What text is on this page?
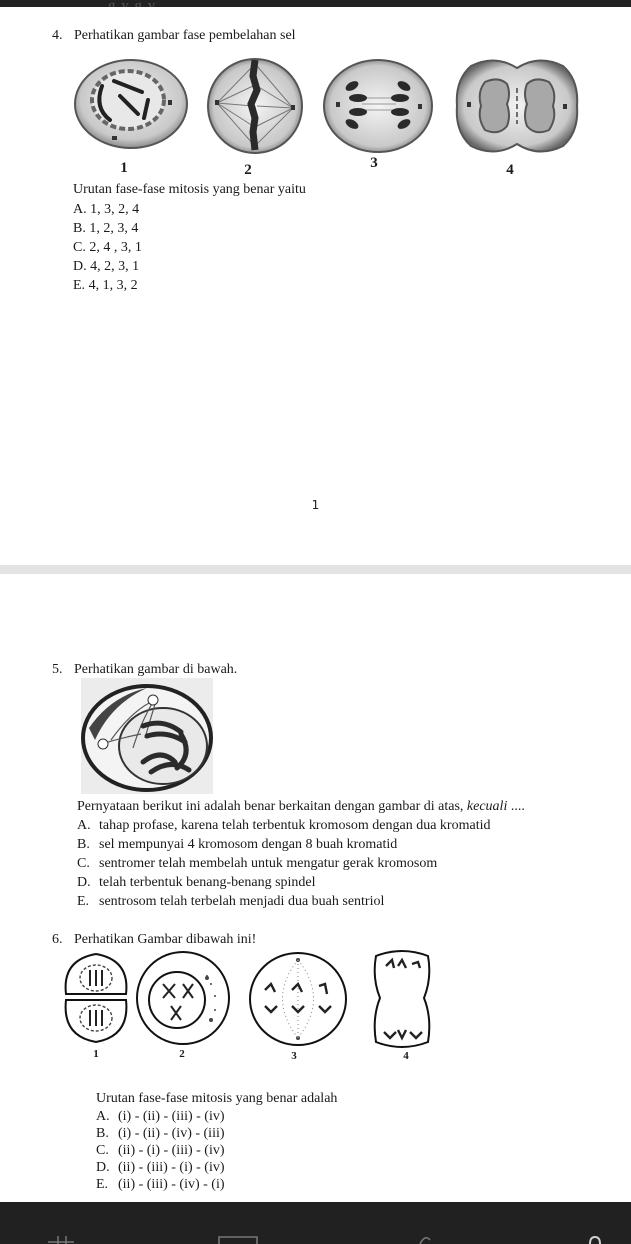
4. Perhatikan gambar fase pembelahan sel
1	2	3	4
Urutan fase-fase mitosis yang benar yaitu
A. 1, 3, 2, 4
B. 1, 2, 3, 4
C. 2, 4 , 3, 1
D. 4, 2, 3, 1
E. 4, 1, 3, 2
1
5. Perhatikan gambar di bawah.
Pernyataan berikut ini adalah benar berkaitan dengan gambar di atas, kecuali ....
A. tahap profase, karena telah terbentuk kromosom dengan dua kromatid
B. sel mempunyai 4 kromosom dengan 8 buah kromatid
C. sentromer telah membelah untuk mengatur gerak kromosom
D. telah terbentuk benang-benang spindel
E. sentrosom telah terbelah menjadi dua buah sentriol
6. Perhatikan Gambar dibawah ini!
1	2	3	4
Urutan fase-fase mitosis yang benar adalah
A. (i) - (ii) - (iii) - (iv)
B. (i) - (ii) - (iv) - (iii)
C. (ii) - (i) - (iii) - (iv)
D. (ii) - (iii) - (i) - (iv)
E. (ii) - (iii) - (iv) - (i)
